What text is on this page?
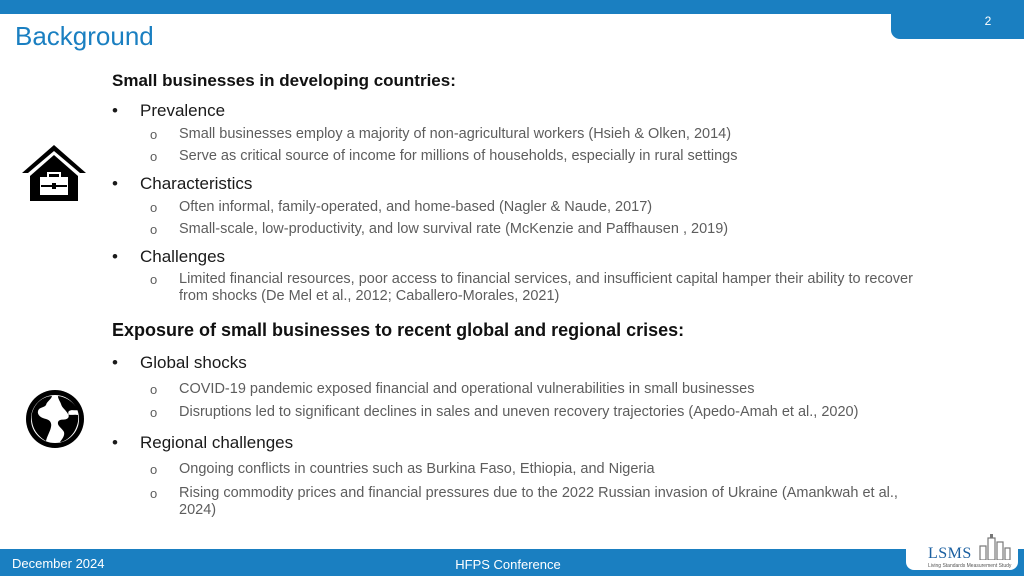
2
Background
Small businesses in developing countries:
• Prevalence
o Small businesses employ a majority of non-agricultural workers (Hsieh & Olken, 2014)
o Serve as critical source of income for millions of households, especially in rural settings
• Characteristics
o Often informal, family-operated, and home-based (Nagler & Naude, 2017)
o Small-scale, low-productivity, and low survival rate (McKenzie and Paffhausen , 2019)
• Challenges
o Limited financial resources, poor access to financial services, and insufficient capital hamper their ability to recover from shocks (De Mel et al., 2012; Caballero-Morales, 2021)
Exposure of small businesses to recent global and regional crises:
• Global shocks
o COVID-19 pandemic exposed financial and operational vulnerabilities in small businesses
o Disruptions led to significant declines in sales and uneven recovery trajectories (Apedo-Amah et al., 2020)
• Regional challenges
o Ongoing conflicts in countries such as Burkina Faso, Ethiopia, and Nigeria
o Rising commodity prices and financial pressures due to the 2022 Russian invasion of Ukraine (Amankwah et al., 2024)
December 2024	HFPS Conference
LSMS
Living Standards Measurement Study
